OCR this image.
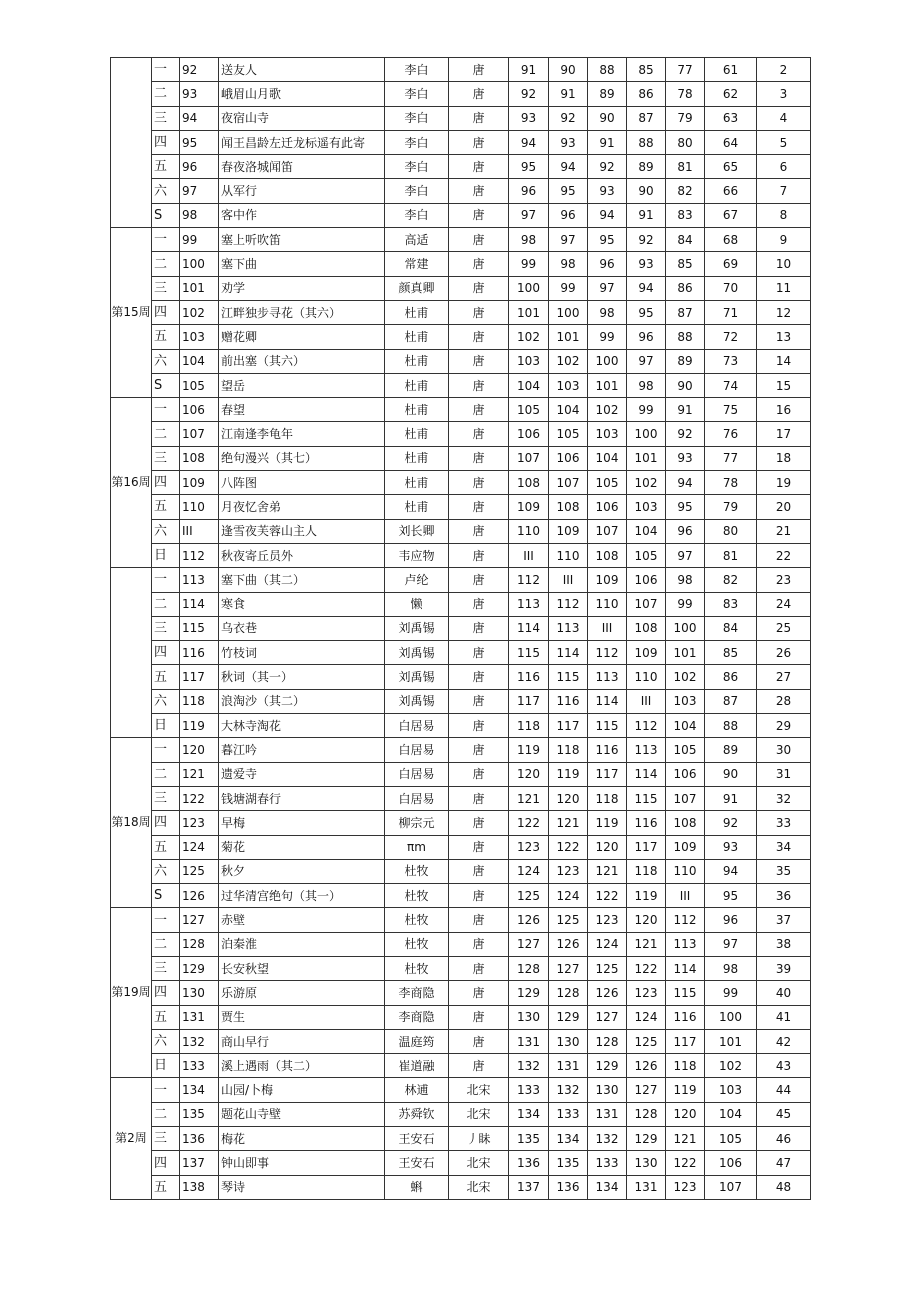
	一	92	送友人	李白	唐	91	90	88	85	77	61	2
	二	93	峨眉山月歌	李白	唐	92	91	89	86	78	62	3
	三	94	夜宿山寺	李白	唐	93	92	90	87	79	63	4
	四	95	闻王昌龄左迁龙标遥有此寄	李白	唐	94	93	91	88	80	64	5
	五	96	春夜洛城闻笛	李白	唐	95	94	92	89	81	65	6
	六	97	从军行	李白	唐	96	95	93	90	82	66	7
	S	98	客中作	李白	唐	97	96	94	91	83	67	8
第15周	一	99	塞上听吹笛	高适	唐	98	97	95	92	84	68	9
	二	100	塞下曲	常建	唐	99	98	96	93	85	69	10
	三	101	劝学	颜真卿	唐	100	99	97	94	86	70	11
	四	102	江畔独步寻花（其六）	杜甫	唐	101	100	98	95	87	71	12
	五	103	赠花卿	杜甫	唐	102	101	99	96	88	72	13
	六	104	前出塞（其六）	杜甫	唐	103	102	100	97	89	73	14
	S	105	望岳	杜甫	唐	104	103	101	98	90	74	15
第16周	一	106	春望	杜甫	唐	105	104	102	99	91	75	16
	二	107	江南逢李龟年	杜甫	唐	106	105	103	100	92	76	17
	三	108	绝句漫兴（其七）	杜甫	唐	107	106	104	101	93	77	18
	四	109	八阵图	杜甫	唐	108	107	105	102	94	78	19
	五	110	月夜忆舍弟	杜甫	唐	109	108	106	103	95	79	20
	六	III	逢雪夜芙蓉山主人	刘长卿	唐	110	109	107	104	96	80	21
	日	112	秋夜寄丘员外	韦应物	唐	III	110	108	105	97	81	22
	一	113	塞下曲（其二）	卢纶	唐	112	III	109	106	98	82	23
	二	114	寒食	懒	唐	113	112	110	107	99	83	24
	三	115	乌衣巷	刘禹锡	唐	114	113	III	108	100	84	25
	四	116	竹枝词	刘禹锡	唐	115	114	112	109	101	85	26
	五	117	秋词（其一）	刘禹锡	唐	116	115	113	110	102	86	27
	六	118	浪淘沙（其二）	刘禹锡	唐	117	116	114	III	103	87	28
	日	119	大林寺淘花	白居易	唐	118	117	115	112	104	88	29
第18周	一	120	暮江吟	白居易	唐	119	118	116	113	105	89	30
	二	121	遗爱寺	白居易	唐	120	119	117	114	106	90	31
	三	122	钱塘湖春行	白居易	唐	121	120	118	115	107	91	32
	四	123	早梅	柳宗元	唐	122	121	119	116	108	92	33
	五	124	菊花	πm	唐	123	122	120	117	109	93	34
	六	125	秋夕	杜牧	唐	124	123	121	118	110	94	35
	S	126	过华清宫绝句（其一）	杜牧	唐	125	124	122	119	III	95	36
第19周	一	127	赤壁	杜牧	唐	126	125	123	120	112	96	37
	二	128	泊秦淮	杜牧	唐	127	126	124	121	113	97	38
	三	129	长安秋望	杜牧	唐	128	127	125	122	114	98	39
	四	130	乐游原	李商隐	唐	129	128	126	123	115	99	40
	五	131	贾生	李商隐	唐	130	129	127	124	116	100	41
	六	132	商山早行	温庭筠	唐	131	130	128	125	117	101	42
	日	133	溪上遇雨（其二）	崔道融	唐	132	131	129	126	118	102	43
第2周	一	134	山园/卜梅	林逋	北宋	133	132	130	127	119	103	44
	二	135	题花山寺壁	苏舜钦	北宋	134	133	131	128	120	104	45
	三	136	梅花	王安石	丿眛	135	134	132	129	121	105	46
	四	137	钟山即事	王安石	北宋	136	135	133	130	122	106	47
	五	138	琴诗	蝌	北宋	137	136	134	131	123	107	48
